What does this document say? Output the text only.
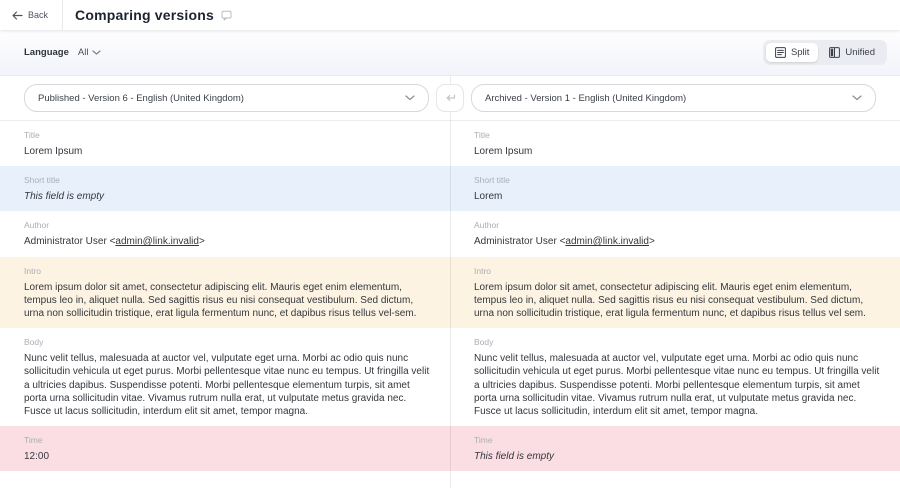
Back Comparing versions
Language All	Split	Unified
Published - Version 6 - English (United Kingdom)	Archived - Version 1 - English (United Kingdom)
Title
Lorem Ipsum
Title
Lorem Ipsum
Short title
This field is empty
Short title
Lorem
Author
Administrator User <admin@link.invalid>
Author
Administrator User <admin@link.invalid>
Intro
Lorem ipsum dolor sit amet, consectetur adipiscing elit. Mauris eget enim elementum, tempus leo in, aliquet nulla. Sed sagittis risus eu nisi consequat vestibulum. Sed dictum, urna non sollicitudin tristique, erat ligula fermentum nunc, et dapibus risus tellus vel-sem.
Intro
Lorem ipsum dolor sit amet, consectetur adipiscing elit. Mauris eget enim elementum, tempus leo in, aliquet nulla. Sed sagittis risus eu nisi consequat vestibulum. Sed dictum, urna non sollicitudin tristique, erat ligula fermentum nunc, et dapibus risus tellus vel sem.
Body
Nunc velit tellus, malesuada at auctor vel, vulputate eget urna. Morbi ac odio quis nunc sollicitudin vehicula ut eget purus. Morbi pellentesque vitae nunc eu tempus. Ut fringilla velit a ultricies dapibus. Suspendisse potenti. Morbi pellentesque elementum turpis, sit amet porta urna sollicitudin vitae. Vivamus rutrum nulla erat, ut vulputate metus gravida nec. Fusce ut lacus sollicitudin, interdum elit sit amet, tempor magna.
Body
Nunc velit tellus, malesuada at auctor vel, vulputate eget urna. Morbi ac odio quis nunc sollicitudin vehicula ut eget purus. Morbi pellentesque vitae nunc eu tempus. Ut fringilla velit a ultricies dapibus. Suspendisse potenti. Morbi pellentesque elementum turpis, sit amet porta urna sollicitudin vitae. Vivamus rutrum nulla erat, ut vulputate metus gravida nec. Fusce ut lacus sollicitudin, interdum elit sit amet, tempor magna.
Time
12:00
Time
This field is empty
